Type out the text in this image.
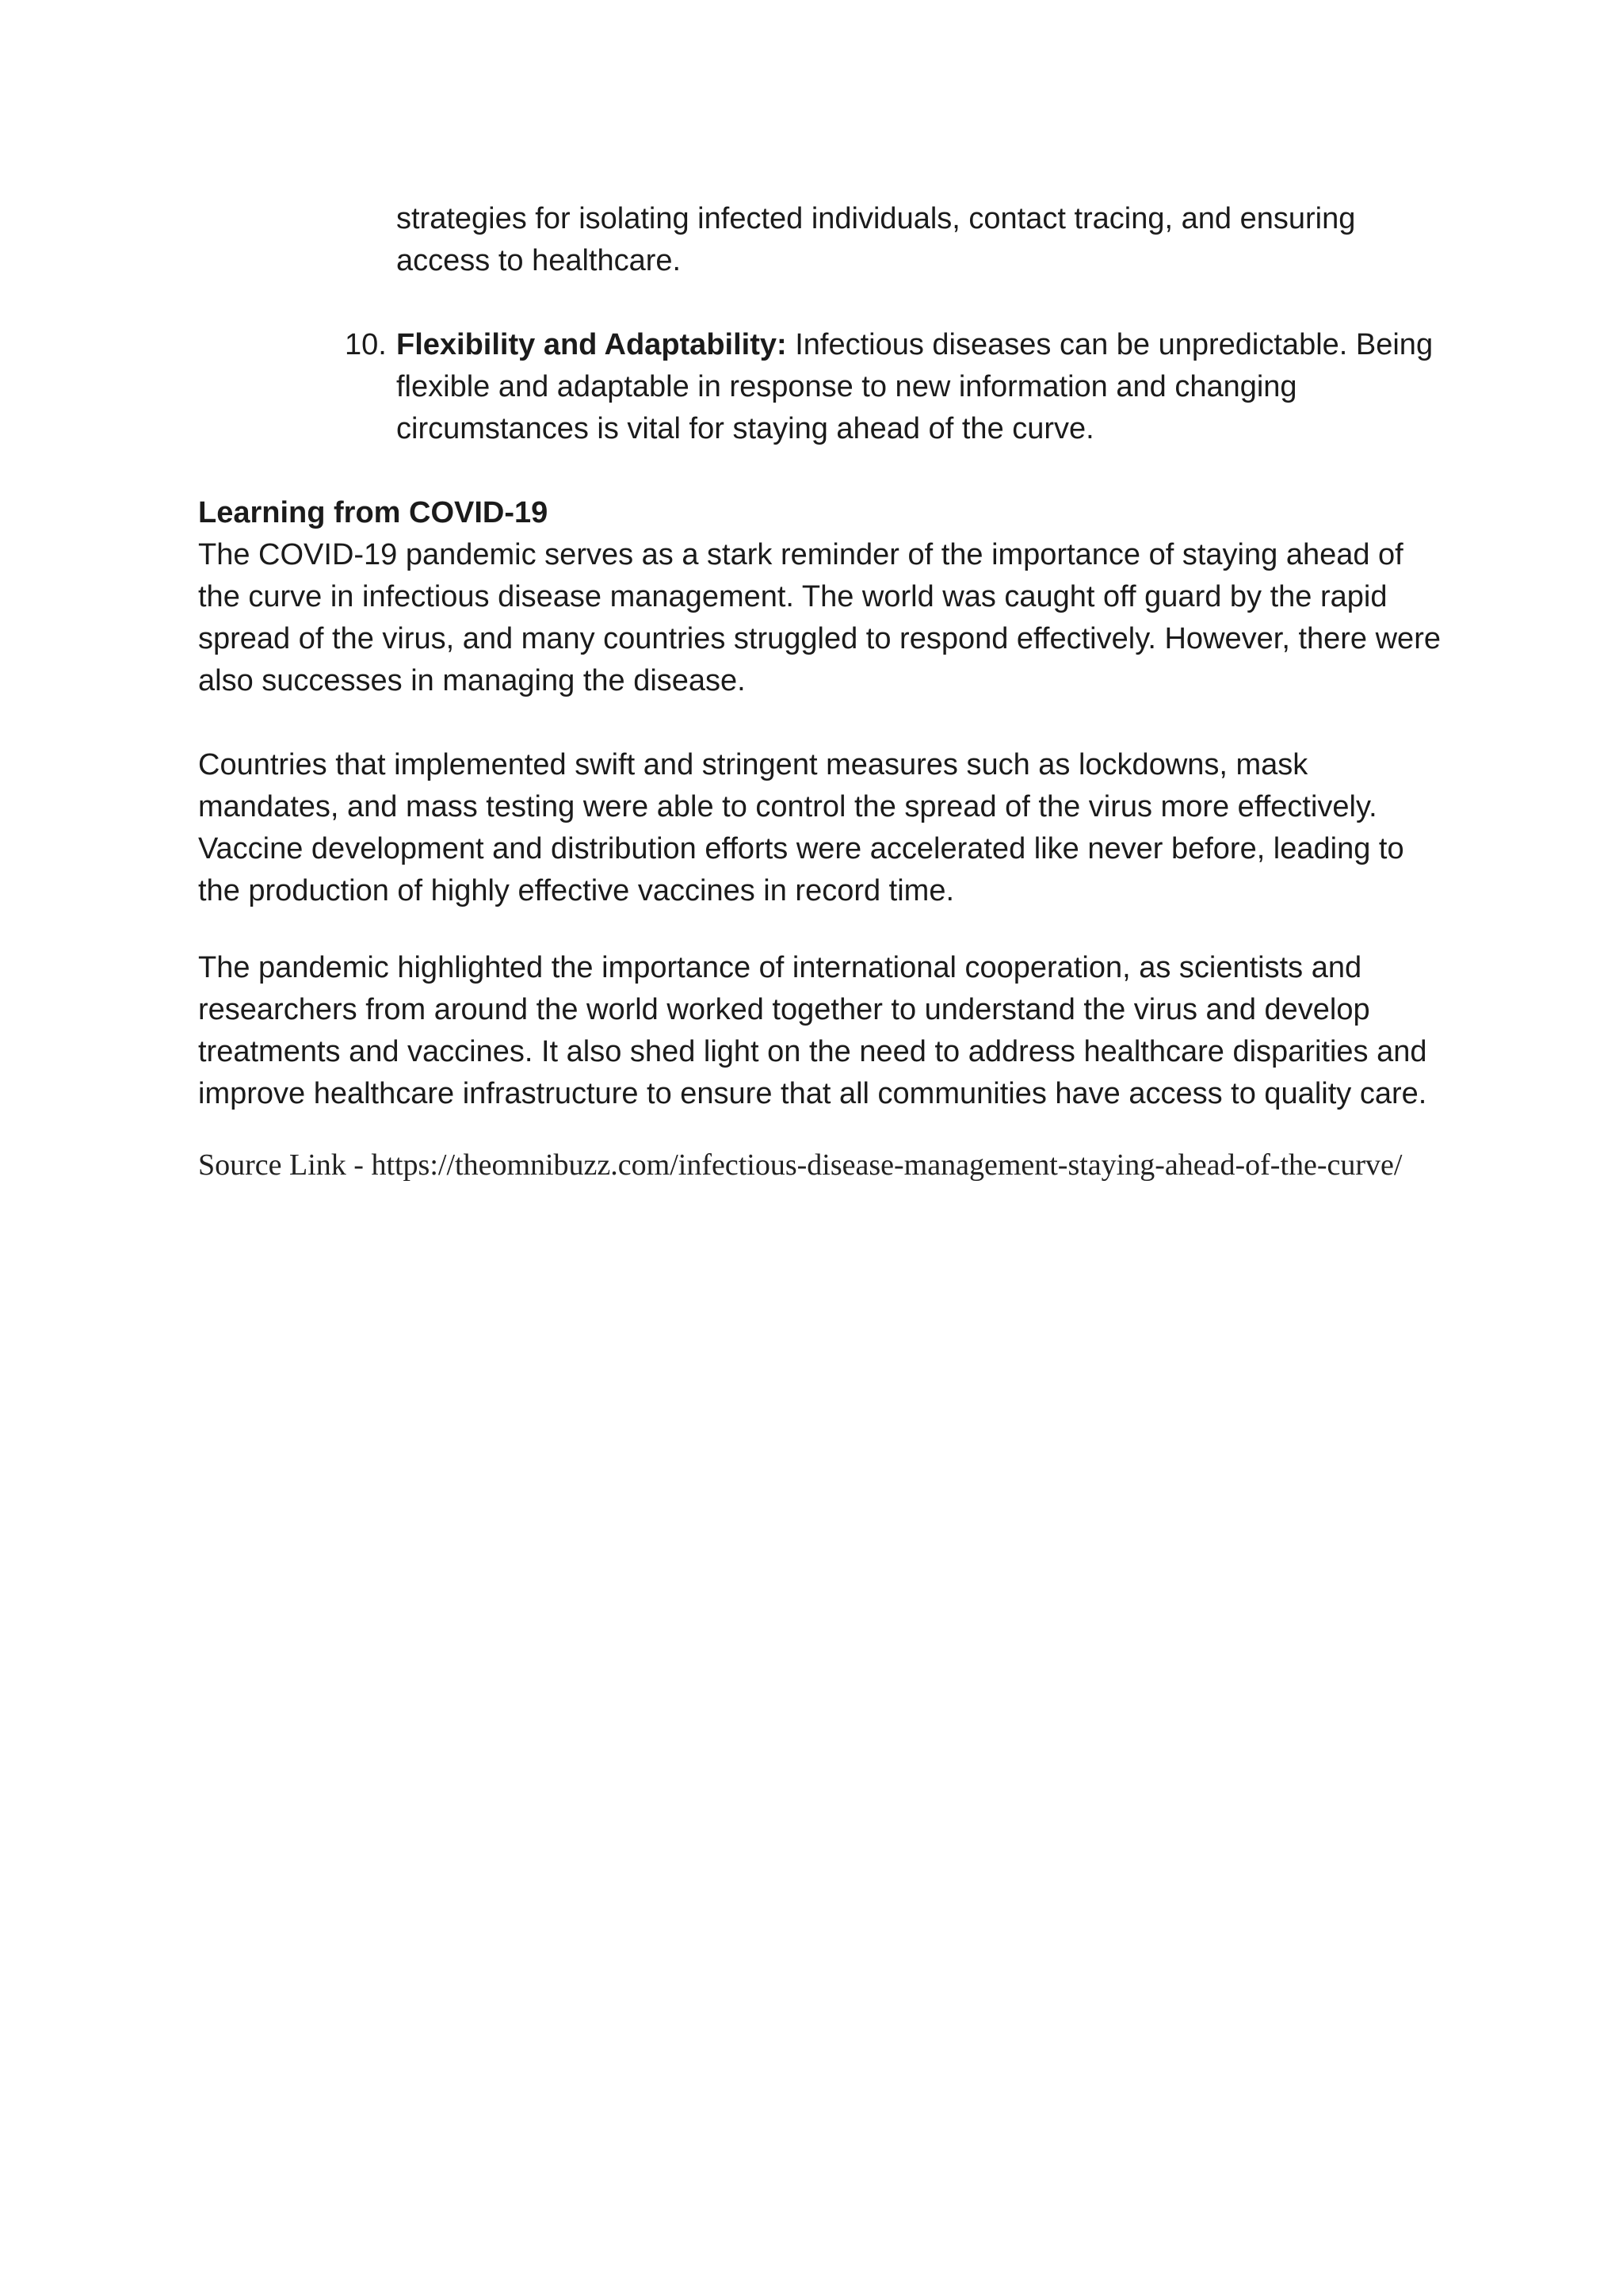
strategies for isolating infected individuals, contact tracing, and ensuring access to healthcare.

10. Flexibility and Adaptability: Infectious diseases can be unpredictable. Being flexible and adaptable in response to new information and changing circumstances is vital for staying ahead of the curve.
Learning from COVID-19

The COVID-19 pandemic serves as a stark reminder of the importance of staying ahead of the curve in infectious disease management. The world was caught off guard by the rapid spread of the virus, and many countries struggled to respond effectively. However, there were also successes in managing the disease.

Countries that implemented swift and stringent measures such as lockdowns, mask mandates, and mass testing were able to control the spread of the virus more effectively. Vaccine development and distribution efforts were accelerated like never before, leading to the production of highly effective vaccines in record time.

The pandemic highlighted the importance of international cooperation, as scientists and researchers from around the world worked together to understand the virus and develop treatments and vaccines. It also shed light on the need to address healthcare disparities and improve healthcare infrastructure to ensure that all communities have access to quality care.

Source Link - https://theomnibuzz.com/infectious-disease-management-staying-ahead-of-the-curve/
